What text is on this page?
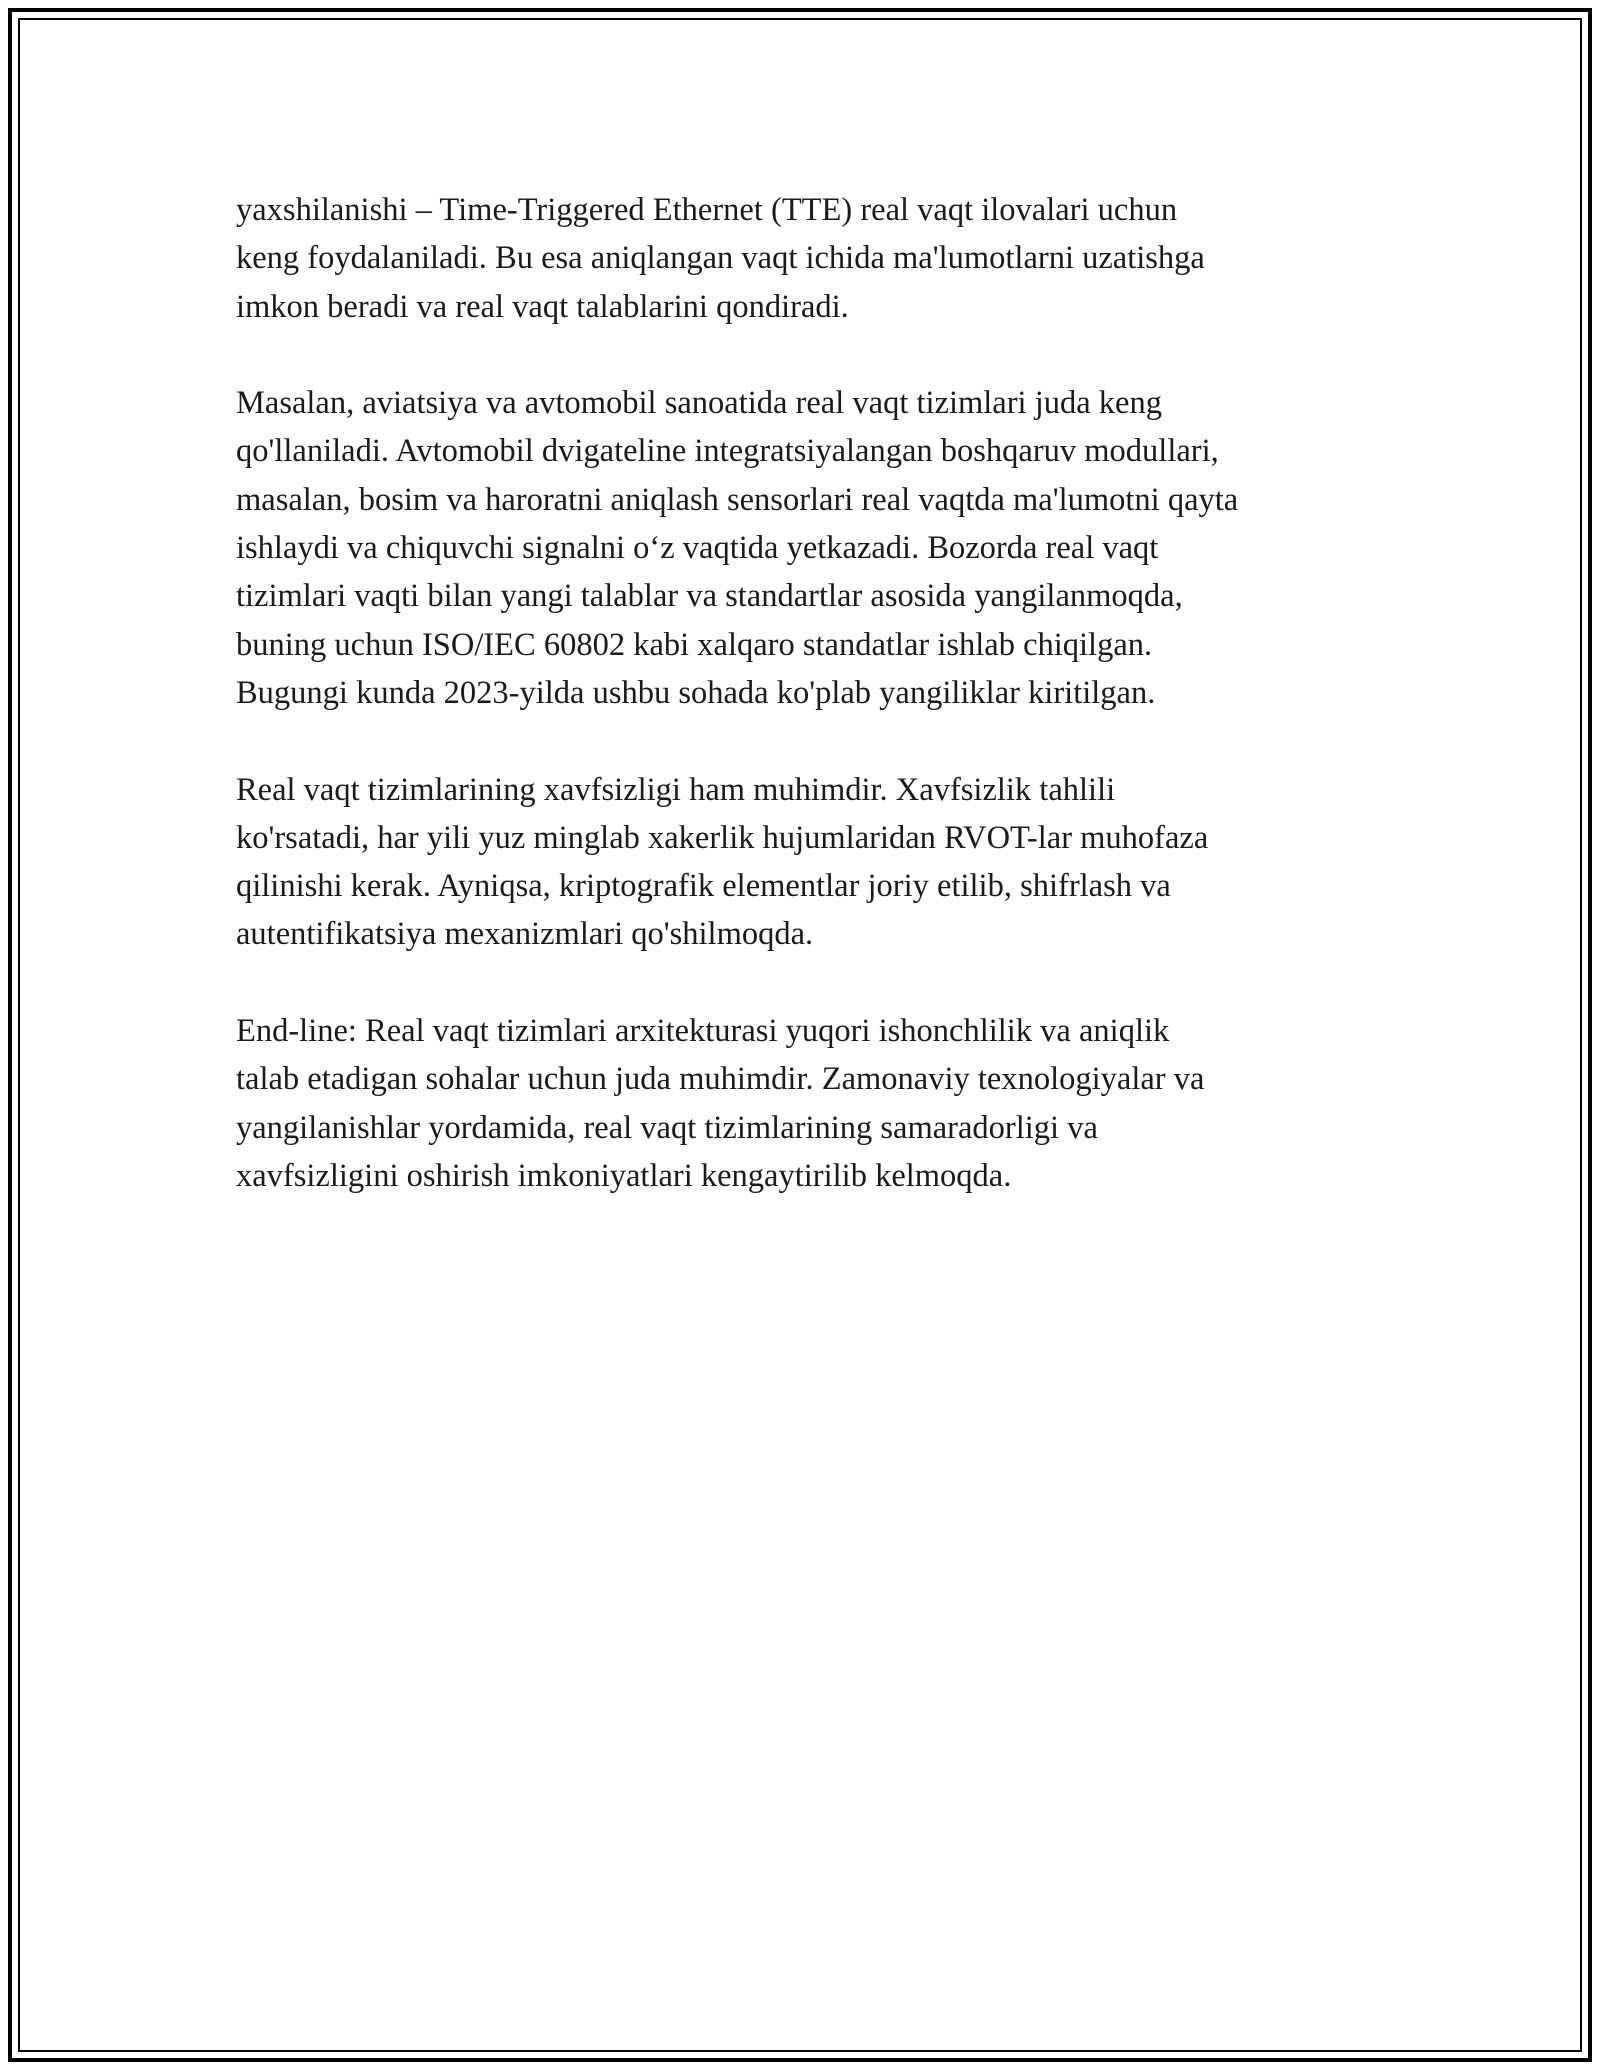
yaxshilanishi – Time-Triggered Ethernet (TTE) real vaqt ilovalari uchun
keng foydalaniladi. Bu esa aniqlangan vaqt ichida ma'lumotlarni uzatishga
imkon beradi va real vaqt talablarini qondiradi.

Masalan, aviatsiya va avtomobil sanoatida real vaqt tizimlari juda keng
qo'llaniladi. Avtomobil dvigateline integratsiyalangan boshqaruv modullari,
masalan, bosim va haroratni aniqlash sensorlari real vaqtda ma'lumotni qayta
ishlaydi va chiquvchi signalni oʻz vaqtida yetkazadi. Bozorda real vaqt
tizimlari vaqti bilan yangi talablar va standartlar asosida yangilanmoqda,
buning uchun ISO/IEC 60802 kabi xalqaro standatlar ishlab chiqilgan.
Bugungi kunda 2023-yilda ushbu sohada ko'plab yangiliklar kiritilgan.

Real vaqt tizimlarining xavfsizligi ham muhimdir. Xavfsizlik tahlili
ko'rsatadi, har yili yuz minglab xakerlik hujumlaridan RVOT-lar muhofaza
qilinishi kerak. Ayniqsa, kriptografik elementlar joriy etilib, shifrlash va
autentifikatsiya mexanizmlari qo'shilmoqda.

End-line: Real vaqt tizimlari arxitekturasi yuqori ishonchlilik va aniqlik
talab etadigan sohalar uchun juda muhimdir. Zamonaviy texnologiyalar va
yangilanishlar yordamida, real vaqt tizimlarining samaradorligi va
xavfsizligini oshirish imkoniyatlari kengaytirilib kelmoqda.
